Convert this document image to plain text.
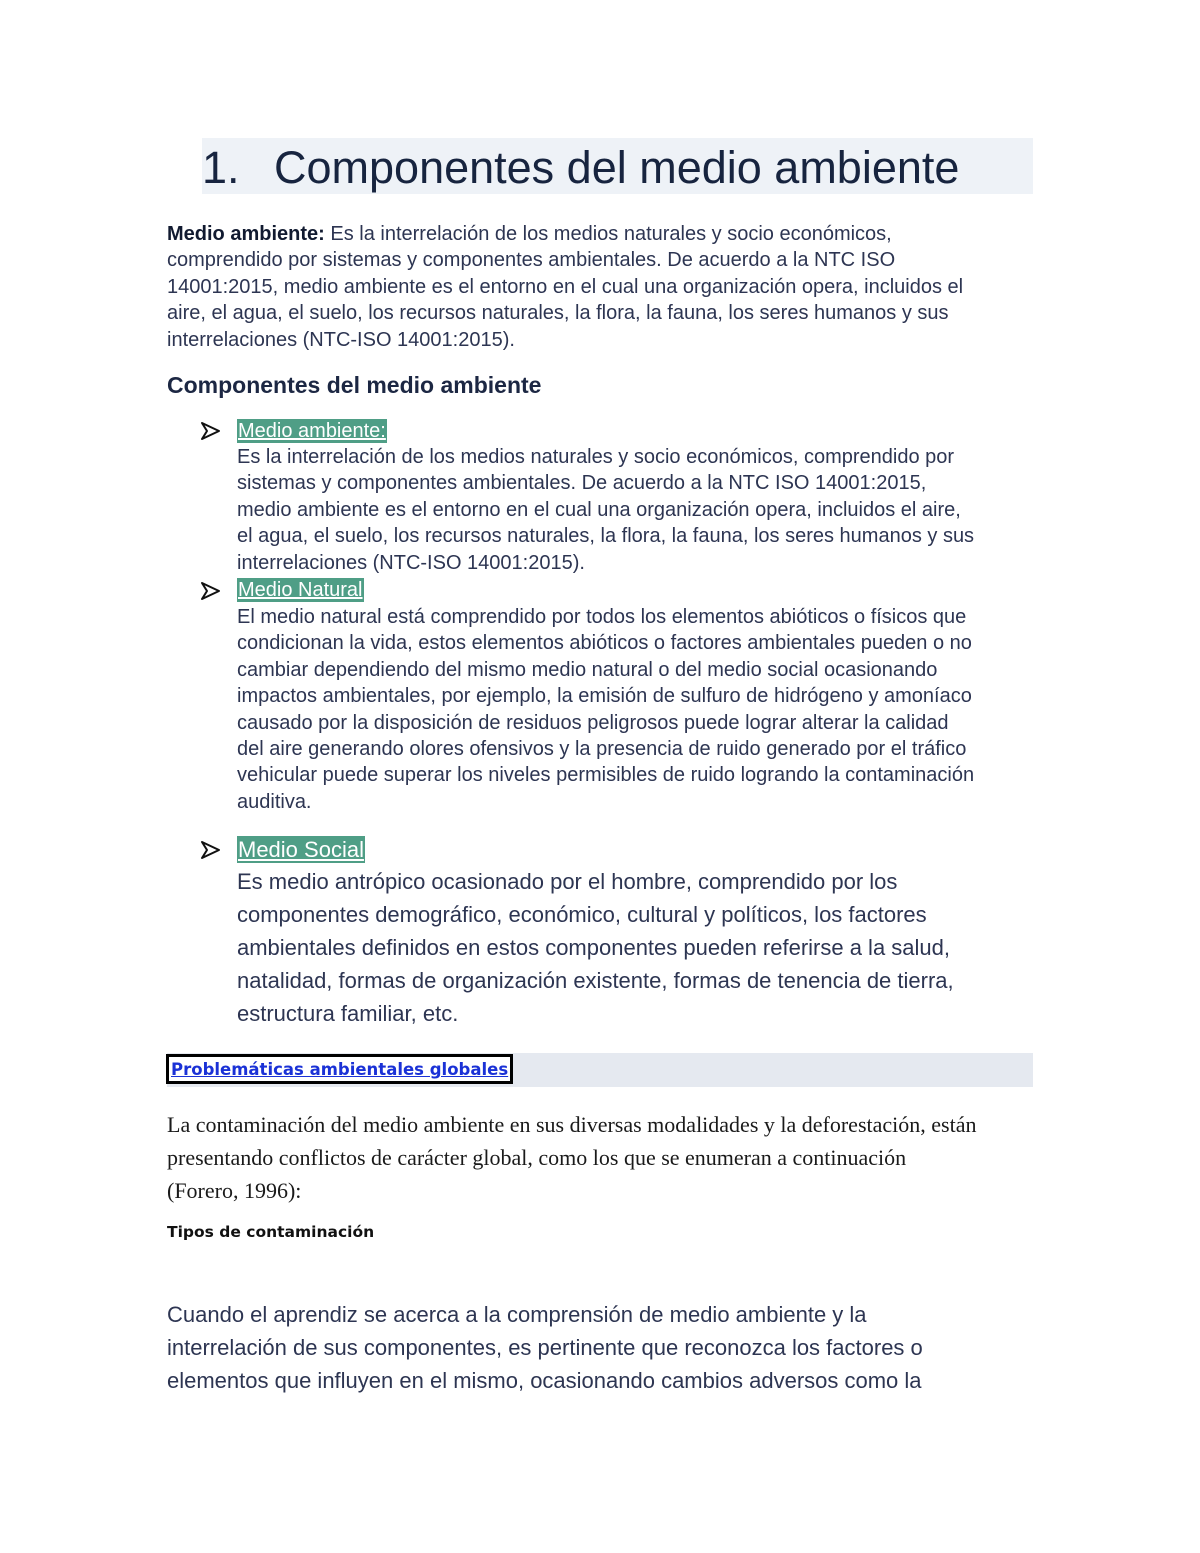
1. Componentes del medio ambiente
Medio ambiente: Es la interrelación de los medios naturales y socio económicos,
comprendido por sistemas y componentes ambientales. De acuerdo a la NTC ISO
14001:2015, medio ambiente es el entorno en el cual una organización opera, incluidos el
aire, el agua, el suelo, los recursos naturales, la flora, la fauna, los seres humanos y sus
interrelaciones (NTC-ISO 14001:2015).
Componentes del medio ambiente
Medio ambiente:
Es la interrelación de los medios naturales y socio económicos, comprendido por
sistemas y componentes ambientales. De acuerdo a la NTC ISO 14001:2015,
medio ambiente es el entorno en el cual una organización opera, incluidos el aire,
el agua, el suelo, los recursos naturales, la flora, la fauna, los seres humanos y sus
interrelaciones (NTC-ISO 14001:2015).
Medio Natural
El medio natural está comprendido por todos los elementos abióticos o físicos que
condicionan la vida, estos elementos abióticos o factores ambientales pueden o no
cambiar dependiendo del mismo medio natural o del medio social ocasionando
impactos ambientales, por ejemplo, la emisión de sulfuro de hidrógeno y amoníaco
causado por la disposición de residuos peligrosos puede lograr alterar la calidad
del aire generando olores ofensivos y la presencia de ruido generado por el tráfico
vehicular puede superar los niveles permisibles de ruido logrando la contaminación
auditiva.
Medio Social
Es medio antrópico ocasionado por el hombre, comprendido por los
componentes demográfico, económico, cultural y políticos, los factores
ambientales definidos en estos componentes pueden referirse a la salud,
natalidad, formas de organización existente, formas de tenencia de tierra,
estructura familiar, etc.
Problemáticas ambientales globales
La contaminación del medio ambiente en sus diversas modalidades y la deforestación, están
presentando conflictos de carácter global, como los que se enumeran a continuación
(Forero, 1996):
Tipos de contaminación
Cuando el aprendiz se acerca a la comprensión de medio ambiente y la
interrelación de sus componentes, es pertinente que reconozca los factores o
elementos que influyen en el mismo, ocasionando cambios adversos como la
